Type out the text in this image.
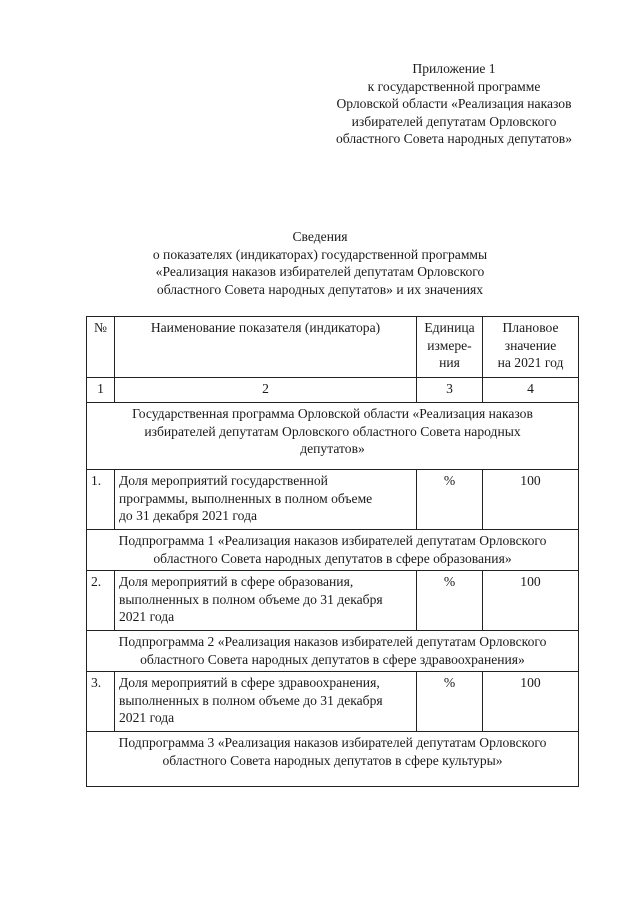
Приложение 1
к государственной программе
Орловской области «Реализация наказов
избирателей депутатам Орловского
областного Совета народных депутатов»
Сведения
о показателях (индикаторах) государственной программы
«Реализация наказов избирателей депутатам Орловского
областного Совета народных депутатов» и их значениях
№	Наименование показателя (индикатора)	Единица
измере-
ния	Плановое
значение
на 2021 год

1	2	3	4

Государственная программа Орловской области «Реализация наказов
избирателей депутатам Орловского областного Совета народных
депутатов»			

1.	Доля мероприятий государственной
программы, выполненных в полном объеме
до 31 декабря 2021 года	%	100

Подпрограмма 1 «Реализация наказов избирателей депутатам Орловского
областного Совета народных депутатов в сфере образования»			

2.	Доля мероприятий в сфере образования,
выполненных в полном объеме до 31 декабря
2021 года	%	100

Подпрограмма 2 «Реализация наказов избирателей депутатам Орловского
областного Совета народных депутатов в сфере здравоохранения»			

3.	Доля мероприятий в сфере здравоохранения,
выполненных в полном объеме до 31 декабря
2021 года	%	100

Подпрограмма 3 «Реализация наказов избирателей депутатам Орловского
областного Совета народных депутатов в сфере культуры»			
